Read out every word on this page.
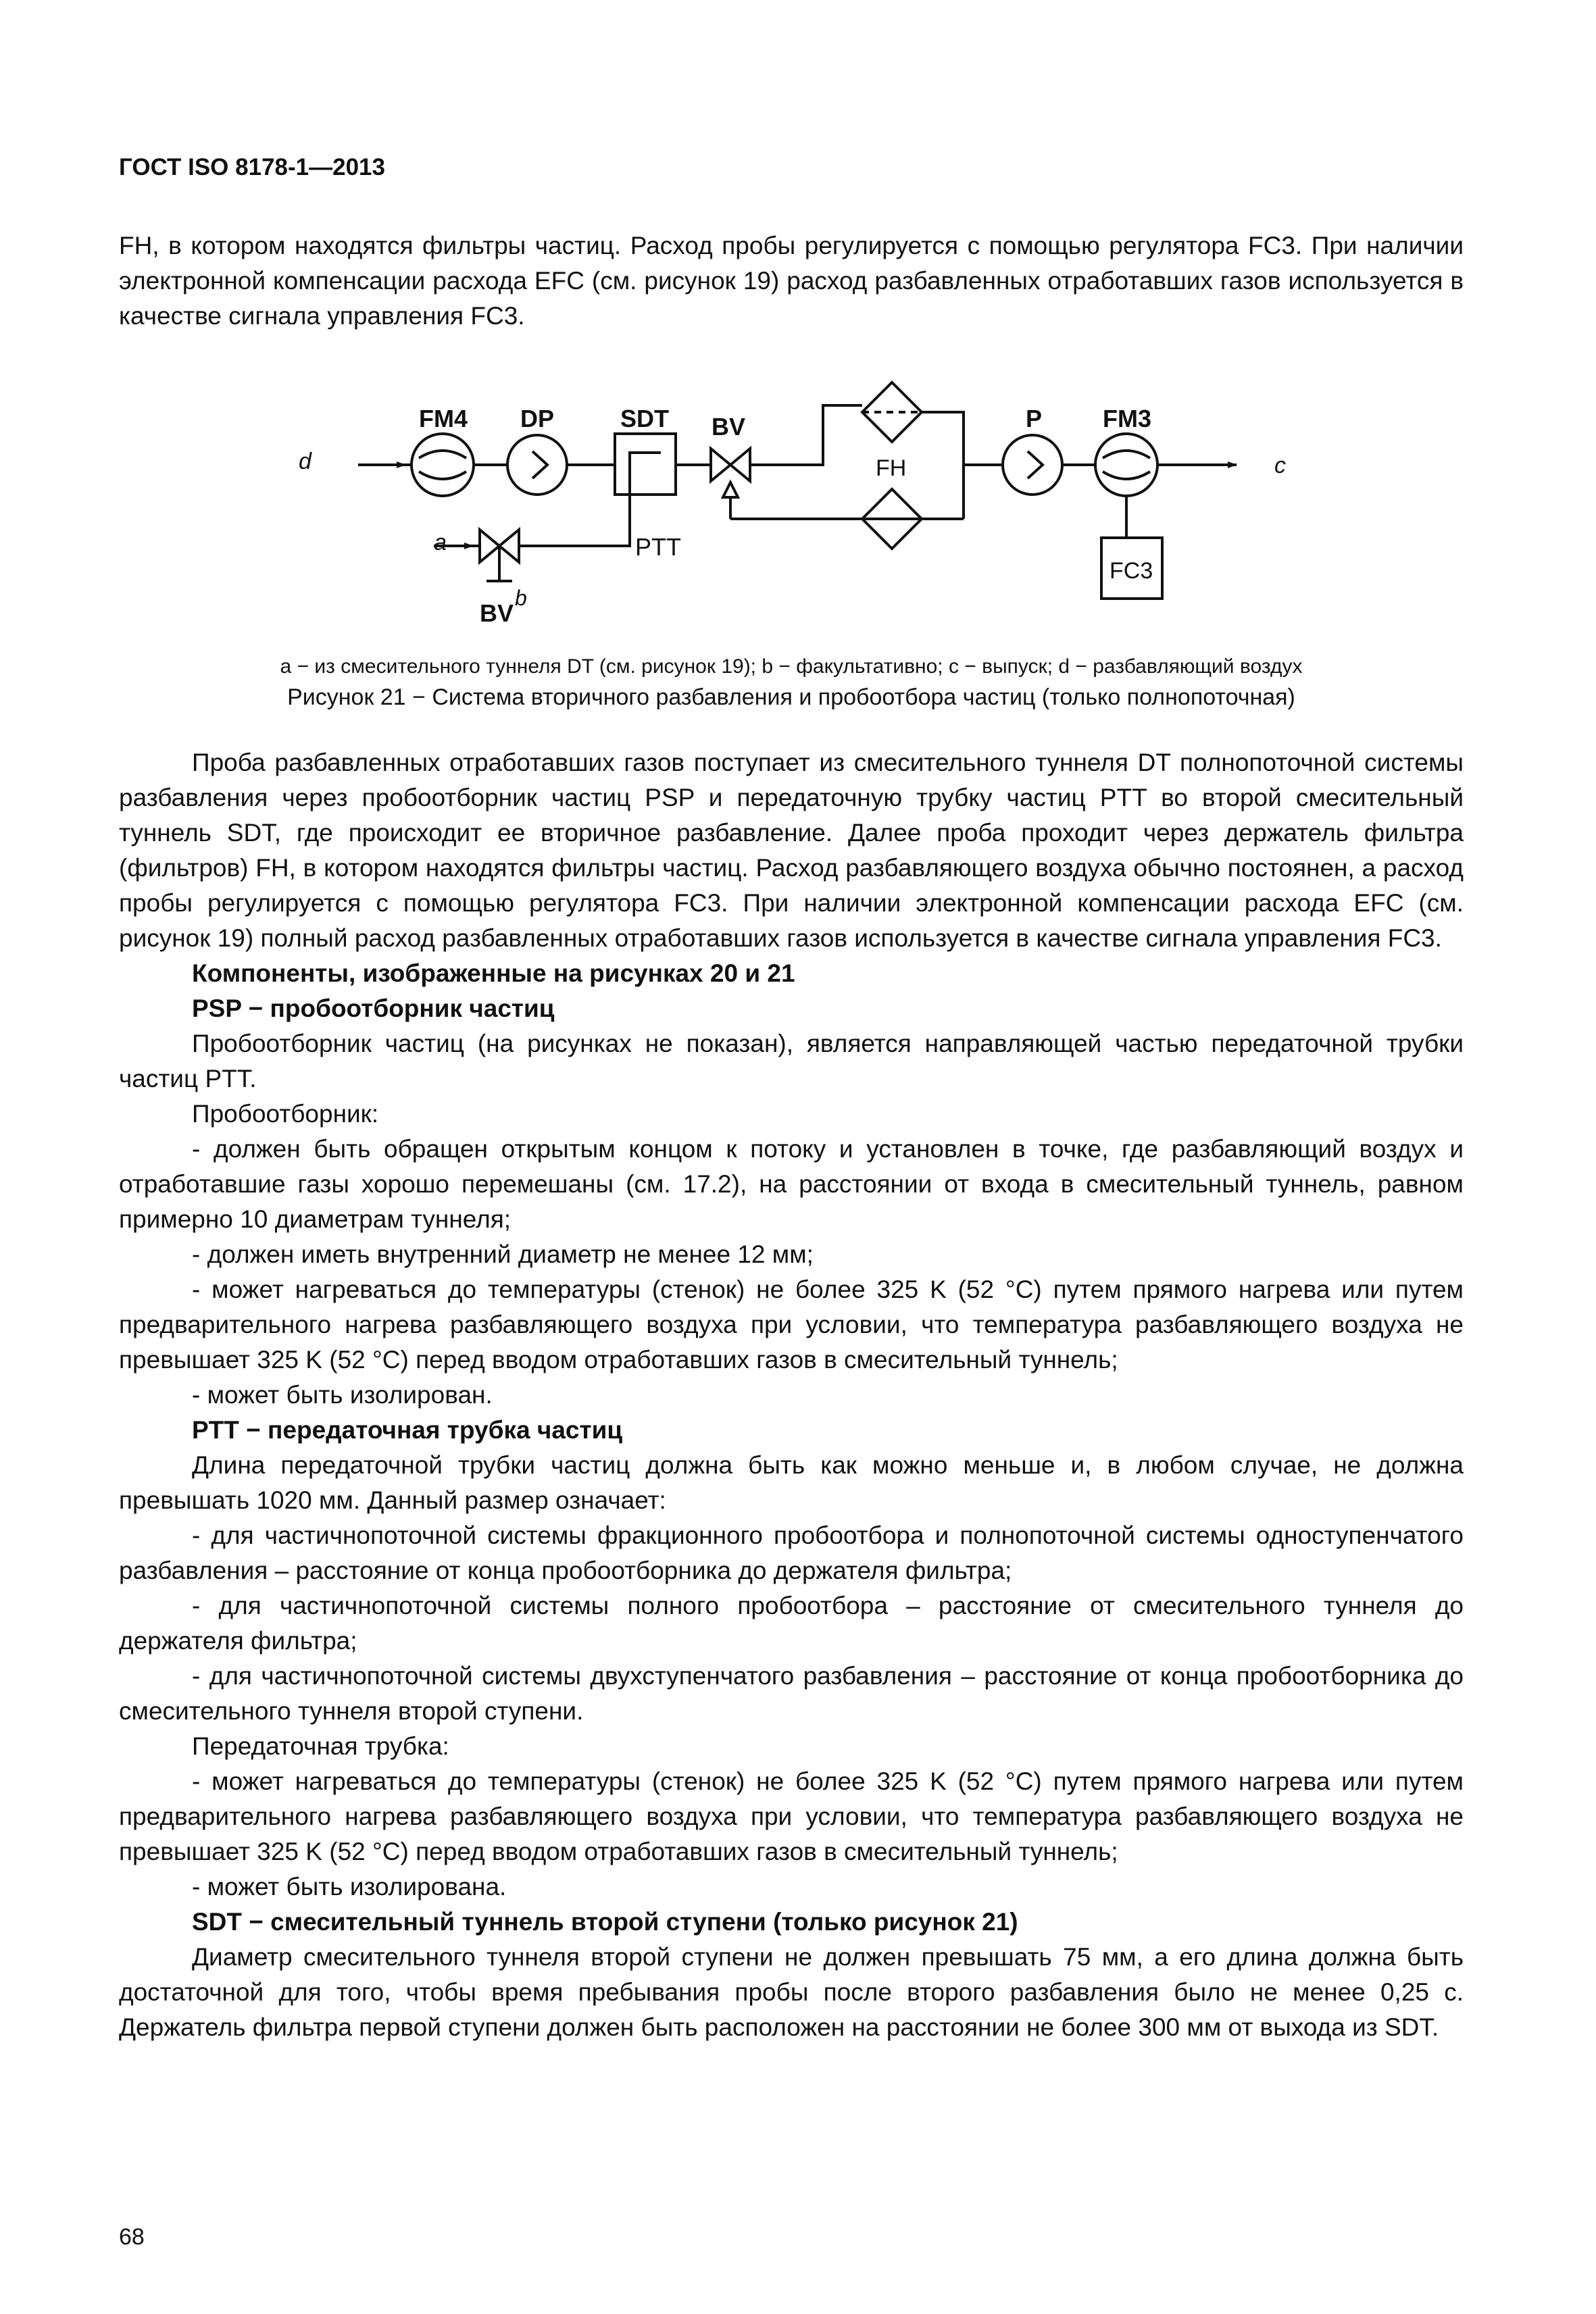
ГОСТ ISO 8178-1—2013

FH, в котором находятся фильтры частиц. Расход пробы регулируется с помощью регулятора FC3. При наличии электронной компенсации расхода EFC (см. рисунок 19) расход разбавленных отработавших газов используется в качестве сигнала управления FC3.

FM4 DP	SDT BV	P FM3
PTT
BV
FH
FC3
b
d
a
c
a − из смесительного туннеля DT (см. рисунок 19); b − факультативно; c − выпуск; d − разбавляющий воздух
Рисунок 21 − Система вторичного разбавления и пробоотбора частиц (только полнопоточная)

Проба разбавленных отработавших газов поступает из смесительного туннеля DT полнопоточной системы разбавления через пробоотборник частиц PSP и передаточную трубку частиц PTT во второй смесительный туннель SDT, где происходит ее вторичное разбавление. Далее проба проходит через держатель фильтра (фильтров) FH, в котором находятся фильтры частиц. Расход разбавляющего воздуха обычно постоянен, а расход пробы регулируется с помощью регулятора FC3. При наличии электронной компенсации расхода EFC (см. рисунок 19) полный расход разбавленных отработавших газов используется в качестве сигнала управления FC3.

Компоненты, изображенные на рисунках 20 и 21

PSP − пробоотборник частиц

Пробоотборник частиц (на рисунках не показан), является направляющей частью передаточной трубки частиц PTT.

Пробоотборник:

- должен быть обращен открытым концом к потоку и установлен в точке, где разбавляющий воздух и отработавшие газы хорошо перемешаны (см. 17.2), на расстоянии от входа в смесительный туннель, равном примерно 10 диаметрам туннеля;

- должен иметь внутренний диаметр не менее 12 мм;

- может нагреваться до температуры (стенок) не более 325 K (52 °C) путем прямого нагрева или путем предварительного нагрева разбавляющего воздуха при условии, что температура разбавляющего воздуха не превышает 325 K (52 °C) перед вводом отработавших газов в смесительный туннель;

- может быть изолирован.

PTT − передаточная трубка частиц

Длина передаточной трубки частиц должна быть как можно меньше и, в любом случае, не должна превышать 1020 мм. Данный размер означает:

- для частичнопоточной системы фракционного пробоотбора и полнопоточной системы одноступенчатого разбавления – расстояние от конца пробоотборника до держателя фильтра;

- для частичнопоточной системы полного пробоотбора – расстояние от смесительного туннеля до держателя фильтра;

- для частичнопоточной системы двухступенчатого разбавления – расстояние от конца пробоотборника до смесительного туннеля второй ступени.

Передаточная трубка:

- может нагреваться до температуры (стенок) не более 325 K (52 °C) путем прямого нагрева или путем предварительного нагрева разбавляющего воздуха при условии, что температура разбавляющего воздуха не превышает 325 K (52 °C) перед вводом отработавших газов в смесительный туннель;

- может быть изолирована.

SDT − смесительный туннель второй ступени (только рисунок 21)

Диаметр смесительного туннеля второй ступени не должен превышать 75 мм, а его длина должна быть достаточной для того, чтобы время пребывания пробы после второго разбавления было не менее 0,25 с. Держатель фильтра первой ступени должен быть расположен на расстоянии не более 300 мм от выхода из SDT.

68
